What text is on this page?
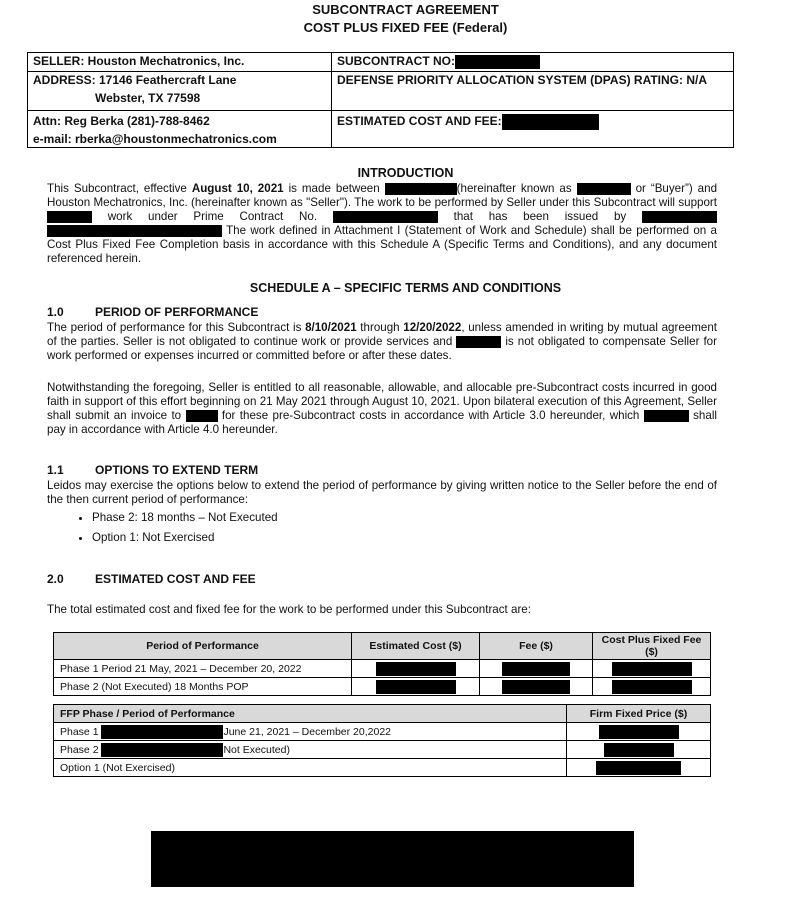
SUBCONTRACT AGREEMENT
COST PLUS FIXED FEE (Federal)
SELLER: Houston Mechatronics, Inc.	SUBCONTRACT NO:

ADDRESS: 17146 Feathercraft Lane
Webster, TX 77598	DEFENSE PRIORITY ALLOCATION SYSTEM (DPAS) RATING: N/A

Attn: Reg Berka (281)-788-8462
e-mail: rberka@houstonmechatronics.com	ESTIMATED COST AND FEE:
INTRODUCTION
This Subcontract, effective August 10, 2021 is made between	(hereinafter known as	or “Buyer”) and Houston Mechatronics, Inc. (hereinafter known as "Seller"). The work to be performed by Seller under this Subcontract will support  work under Prime Contract No.	that has been issued by   The work defined in Attachment I (Statement of Work and Schedule) shall be performed on a Cost Plus Fixed Fee Completion basis in accordance with this Schedule A (Specific Terms and Conditions), and any document referenced herein.
SCHEDULE A – SPECIFIC TERMS AND CONDITIONS
1.0	PERIOD OF PERFORMANCE
The period of performance for this Subcontract is 8/10/2021 through 12/20/2022, unless amended in writing by mutual agreement of the parties. Seller is not obligated to continue work or provide services and	is not obligated to compensate Seller for work performed or expenses incurred or committed before or after these dates.
Notwithstanding the foregoing, Seller is entitled to all reasonable, allowable, and allocable pre-Subcontract costs incurred in good faith in support of this effort beginning on 21 May 2021 through August 10, 2021. Upon bilateral execution of this Agreement, Seller shall submit an invoice to	for these pre-Subcontract costs in accordance with Article 3.0 hereunder, which	shall pay in accordance with Article 4.0 hereunder.
1.1	OPTIONS TO EXTEND TERM
Leidos may exercise the options below to extend the period of performance by giving written notice to the Seller before the end of the then current period of performance:
• Phase 2: 18 months – Not Executed
• Option 1: Not Exercised
2.0	ESTIMATED COST AND FEE
The total estimated cost and fixed fee for the work to be performed under this Subcontract are:
Period of Performance	Estimated Cost ($)	Fee ($)	Cost Plus Fixed Fee ($)
Phase 1 Period 21 May, 2021 – December 20, 2022			
Phase 2 (Not Executed) 18 Months POP			
FFP Phase / Period of Performance	Firm Fixed Price ($)
Phase 1 June 21, 2021 – December 20,2022	
Phase 2 Not Executed)	
Option 1 (Not Exercised)	
